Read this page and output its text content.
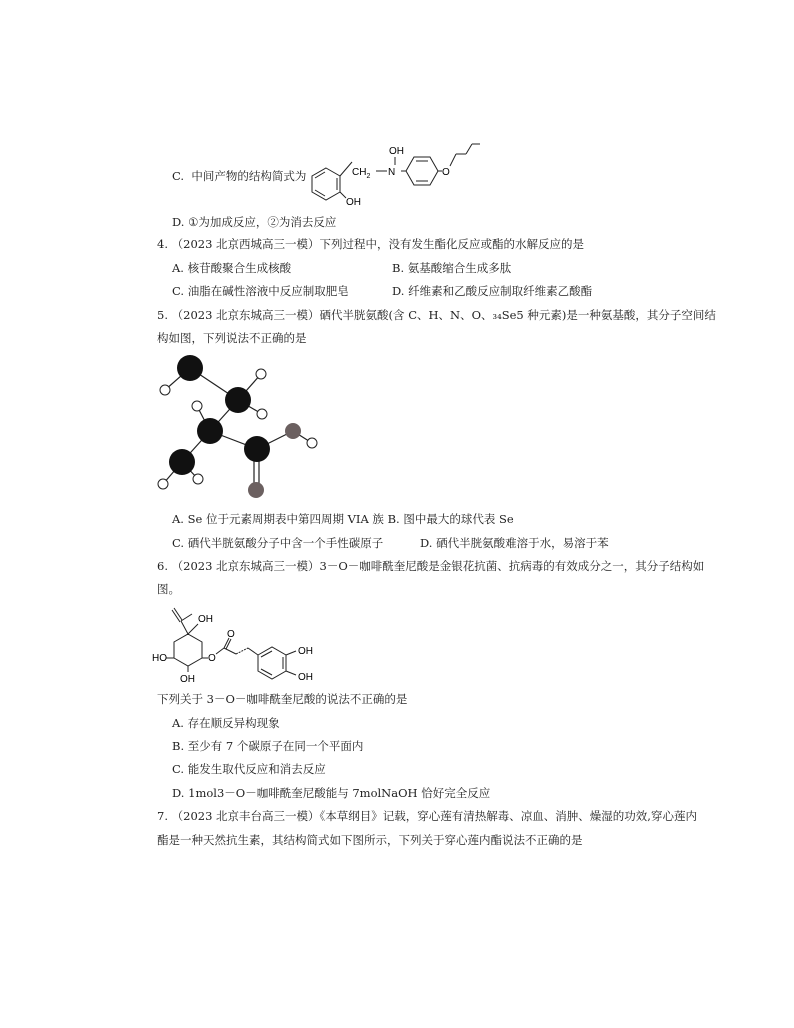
C. 中间产物的结构简式为
OH
$CH_2$ N	O
OH
D. ①为加成反应，②为消去反应
4. （2023 北京西城高三一模）下列过程中，没有发生酯化反应或酯的水解反应的是
A. 核苷酸聚合生成核酸	B. 氨基酸缩合生成多肽
C. 油脂在碱性溶液中反应制取肥皂	D. 纤维素和乙酸反应制取纤维素乙酸酯
5. （2023 北京东城高三一模）硒代半胱氨酸(含 C、H、N、O、₃₄Se5 种元素)是一种氨基酸，其分子空间结
构如图，下列说法不正确的是
A. Se 位于元素周期表中第四周期 VIA 族 B. 图中最大的球代表 Se
C. 硒代半胱氨酸分子中含一个手性碳原子	D. 硒代半胱氨酸难溶于水，易溶于苯
6. （2023 北京东城高三一模）3－O－咖啡酰奎尼酸是金银花抗菌、抗病毒的有效成分之一，其分子结构如
图。
OH
O
HO
OH
O
OH
OH
下列关于 3－O－咖啡酰奎尼酸的说法不正确的是
A. 存在顺反异构现象
B. 至少有 7 个碳原子在同一个平面内
C. 能发生取代反应和消去反应
D. 1mol3－O－咖啡酰奎尼酸能与 7molNaOH 恰好完全反应
7. （2023 北京丰台高三一模）《本草纲目》记载，穿心莲有清热解毒、凉血、消肿、燥湿的功效,穿心莲内
酯是一种天然抗生素，其结构简式如下图所示，下列关于穿心莲内酯说法不正确的是
